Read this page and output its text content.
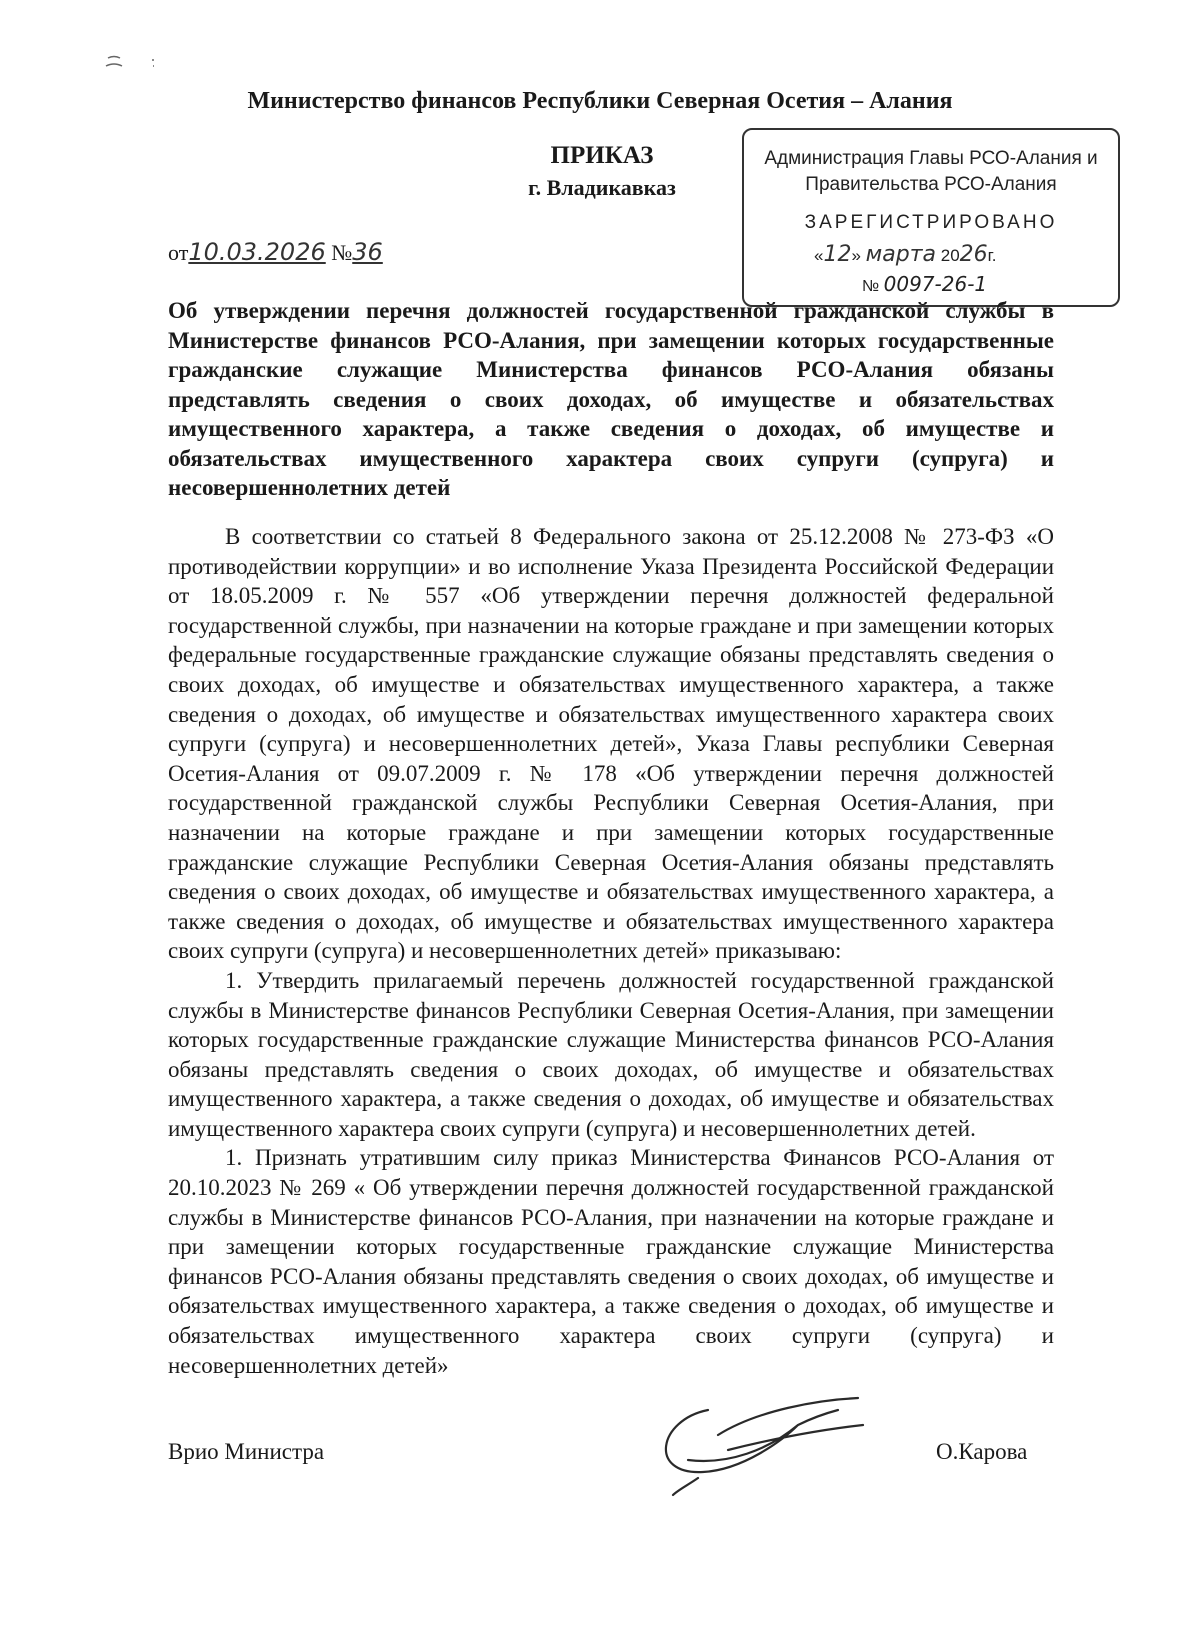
Министерство финансов Республики Северная Осетия – Алания
ПРИКАЗ
г. Владикавказ
Администрация Главы РСО-Алания и
Правительства РСО-Алания
ЗАРЕГИСТРИРОВАНО
«12» марта 2026г.
№ 0097-26-1
от10.03.2026 №36
Об утверждении перечня должностей государственной гражданской службы в Министерстве финансов РСО-Алания, при замещении которых государственные гражданские служащие Министерства финансов РСО-Алания обязаны представлять сведения о своих доходах, об имуществе и обязательствах имущественного характера, а также сведения о доходах, об имуществе и обязательствах имущественного характера своих супруги (супруга) и несовершеннолетних детей

В соответствии со статьей 8 Федерального закона от 25.12.2008 № 273-ФЗ «О противодействии коррупции» и во исполнение Указа Президента Российской Федерации от 18.05.2009 г. № 557 «Об утверждении перечня должностей федеральной государственной службы, при назначении на которые граждане и при замещении которых федеральные государственные гражданские служащие обязаны представлять сведения о своих доходах, об имуществе и обязательствах имущественного характера, а также сведения о доходах, об имуществе и обязательствах имущественного характера своих супруги (супруга) и несовершеннолетних детей», Указа Главы республики Северная Осетия-Алания от 09.07.2009 г. № 178 «Об утверждении перечня должностей государственной гражданской службы Республики Северная Осетия-Алания, при назначении на которые граждане и при замещении которых государственные гражданские служащие Республики Северная Осетия-Алания обязаны представлять сведения о своих доходах, об имуществе и обязательствах имущественного характера, а также сведения о доходах, об имуществе и обязательствах имущественного характера своих супруги (супруга) и несовершеннолетних детей» приказываю:

1. Утвердить прилагаемый перечень должностей государственной гражданской службы в Министерстве финансов Республики Северная Осетия-Алания, при замещении которых государственные гражданские служащие Министерства финансов РСО-Алания обязаны представлять сведения о своих доходах, об имуществе и обязательствах имущественного характера, а также сведения о доходах, об имуществе и обязательствах имущественного характера своих супруги (супруга) и несовершеннолетних детей.

1. Признать утратившим силу приказ Министерства Финансов РСО-Алания от 20.10.2023 № 269 « Об утверждении перечня должностей государственной гражданской службы в Министерстве финансов РСО-Алания, при назначении на которые граждане и при замещении которых государственные гражданские служащие Министерства финансов РСО-Алания обязаны представлять сведения о своих доходах, об имуществе и обязательствах имущественного характера, а также сведения о доходах, об имуществе и обязательствах имущественного характера своих супруги (супруга) и несовершеннолетних детей»

Врио Министра	О.Карова
